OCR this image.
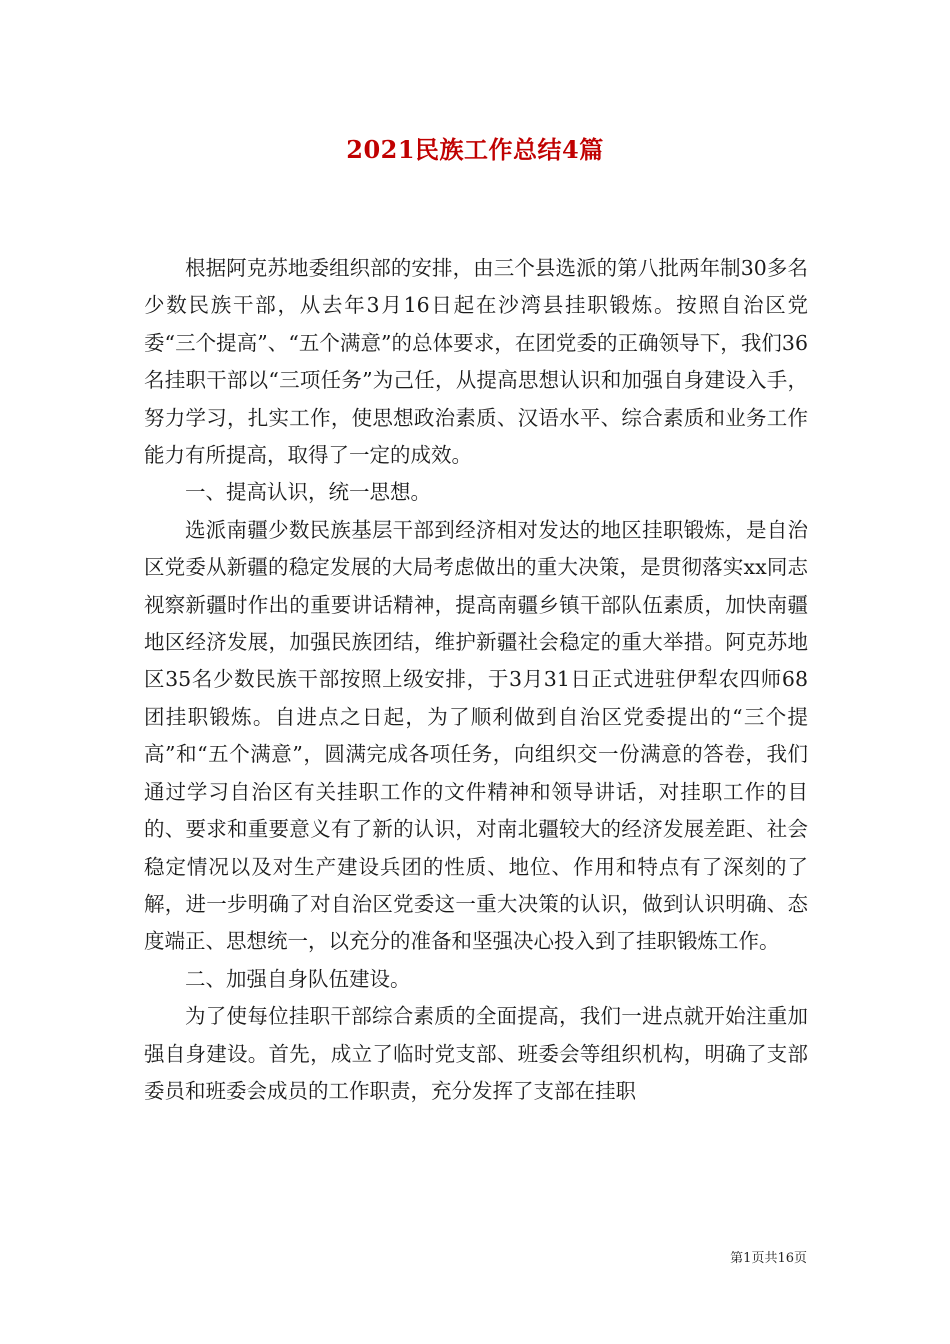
2021民族工作总结4篇

根据阿克苏地委组织部的安排，由三个县选派的第八批两年制30多名少数民族干部，从去年3月16日起在沙湾县挂职锻炼。按照自治区党委“三个提高”、“五个满意”的总体要求，在团党委的正确领导下，我们36名挂职干部以“三项任务”为己任，从提高思想认识和加强自身建设入手，努力学习，扎实工作，使思想政治素质、汉语水平、综合素质和业务工作能力有所提高，取得了一定的成效。

一、提高认识，统一思想。

选派南疆少数民族基层干部到经济相对发达的地区挂职锻炼，是自治区党委从新疆的稳定发展的大局考虑做出的重大决策，是贯彻落实xx同志视察新疆时作出的重要讲话精神，提高南疆乡镇干部队伍素质，加快南疆地区经济发展，加强民族团结，维护新疆社会稳定的重大举措。阿克苏地区35名少数民族干部按照上级安排，于3月31日正式进驻伊犁农四师68团挂职锻炼。自进点之日起，为了顺利做到自治区党委提出的“三个提高”和“五个满意”，圆满完成各项任务，向组织交一份满意的答卷，我们通过学习自治区有关挂职工作的文件精神和领导讲话，对挂职工作的目的、要求和重要意义有了新的认识，对南北疆较大的经济发展差距、社会稳定情况以及对生产建设兵团的性质、地位、作用和特点有了深刻的了解，进一步明确了对自治区党委这一重大决策的认识，做到认识明确、态度端正、思想统一，以充分的准备和坚强决心投入到了挂职锻炼工作。

二、加强自身队伍建设。

为了使每位挂职干部综合素质的全面提高，我们一进点就开始注重加强自身建设。首先，成立了临时党支部、班委会等组织机构，明确了支部委员和班委会成员的工作职责，充分发挥了支部在挂职

第1页共16页
